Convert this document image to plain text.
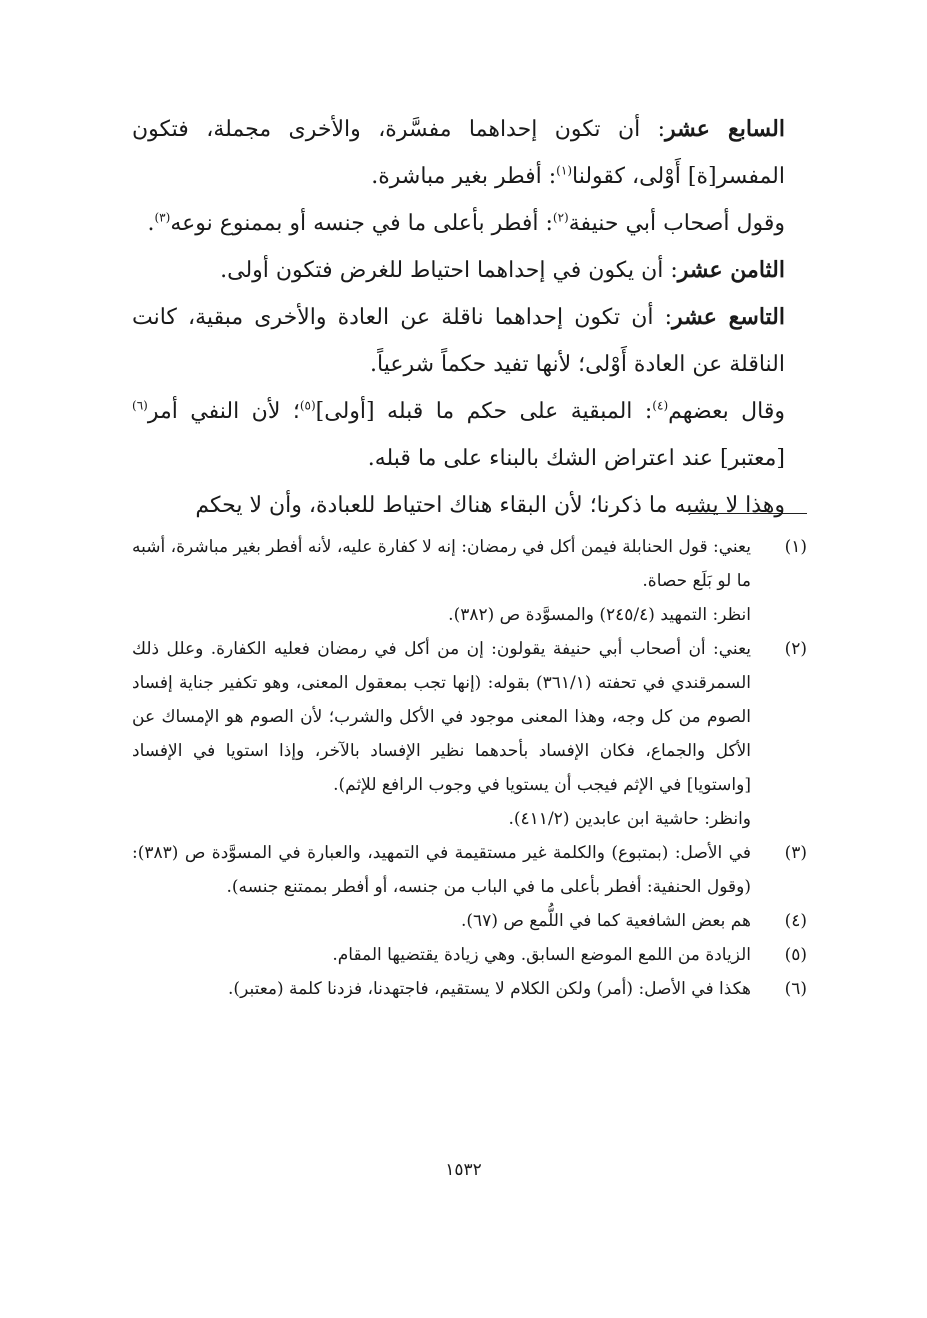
السابع عشر: أن تكون إحداهما مفسَّرة، والأخرى مجملة، فتكون المفسر[ة] أَوْلى، كقولنا$^{(١)}$: أفطر بغير مباشرة.

وقول أصحاب أبي حنيفة$^{(٢)}$: أفطر بأعلى ما في جنسه أو بممنوع نوعه$^{(٣)}$.

الثامن عشر: أن يكون في إحداهما احتياط للغرض فتكون أولى.

التاسع عشر: أن تكون إحداهما ناقلة عن العادة والأخرى مبقية، كانت الناقلة عن العادة أَوْلى؛ لأنها تفيد حكماً شرعياً.

وقال بعضهم$^{(٤)}$: المبقية على حكم ما قبله [أولى]$^{(٥)}$؛ لأن النفي أمر$^{(٦)}$ [معتبر] عند اعتراض الشك بالبناء على ما قبله.

وهذا لا يشبه ما ذكرنا؛ لأن البقاء هناك احتياط للعبادة، وأن لا يحكم

(١)
يعني: قول الحنابلة فيمن أكل في رمضان: إنه لا كفارة عليه، لأنه أفطر بغير مباشرة، أشبه ما لو بَلَع حصاة.
انظر: التمهيد (٢٤٥/٤) والمسوَّدة ص (٣٨٢).
(٢)
يعني: أن أصحاب أبي حنيفة يقولون: إن من أكل في رمضان فعليه الكفارة. وعلل ذلك السمرقندي في تحفته (٣٦١/١) بقوله: (إنها تجب بمعقول المعنى، وهو تكفير جناية إفساد الصوم من كل وجه، وهذا المعنى موجود في الأكل والشرب؛ لأن الصوم هو الإمساك عن الأكل والجماع، فكان الإفساد بأحدهما نظير الإفساد بالآخر، وإذا استويا في الإفساد [واستويا] في الإثم فيجب أن يستويا في وجوب الرافع للإثم).
وانظر: حاشية ابن عابدين (٤١١/٢).
(٣)
في الأصل: (بمتبوع) والكلمة غير مستقيمة في التمهيد، والعبارة في المسوَّدة ص (٣٨٣): (وقول الحنفية: أفطر بأعلى ما في الباب من جنسه، أو أفطر بممتنع جنسه).
(٤)
هم بعض الشافعية كما في اللُّمع ص (٦٧).
(٥)
الزيادة من اللمع الموضع السابق. وهي زيادة يقتضيها المقام.
(٦)
هكذا في الأصل: (أمر) ولكن الكلام لا يستقيم، فاجتهدنا، فزدنا كلمة (معتبر).
١٥٣٢
